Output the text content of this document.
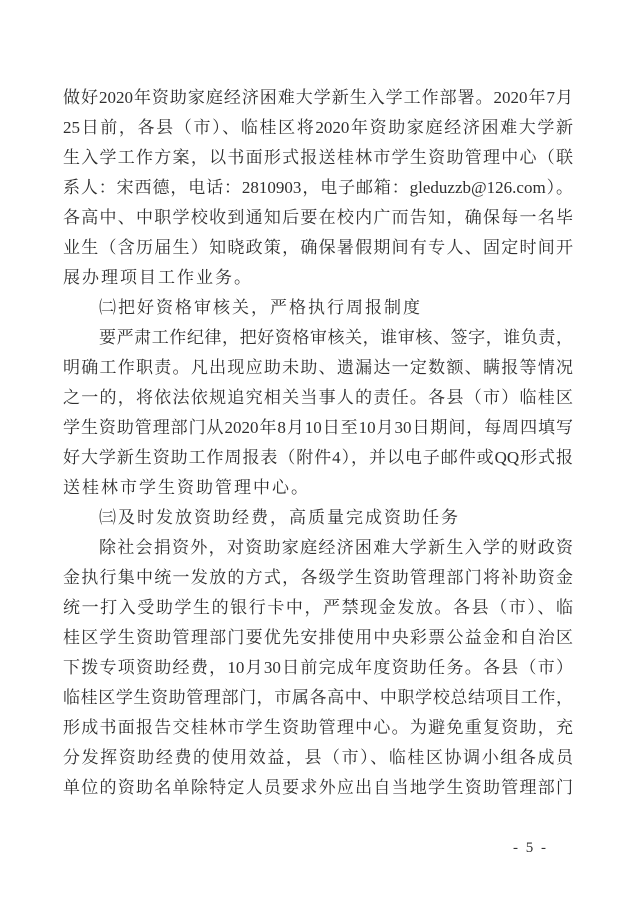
做好2020年资助家庭经济困难大学新生入学工作部署。2020年7月
25日前，各县（市）、临桂区将2020年资助家庭经济困难大学新
生入学工作方案，以书面形式报送桂林市学生资助管理中心（联
系人：宋西德，电话：2810903，电子邮箱：gleduzzb@126.com）。
各高中、中职学校收到通知后要在校内广而告知，确保每一名毕
业生（含历届生）知晓政策，确保暑假期间有专人、固定时间开
展办理项目工作业务。
㈡把好资格审核关，严格执行周报制度
要严肃工作纪律，把好资格审核关，谁审核、签字，谁负责，
明确工作职责。凡出现应助未助、遗漏达一定数额、瞒报等情况
之一的，将依法依规追究相关当事人的责任。各县（市）临桂区
学生资助管理部门从2020年8月10日至10月30日期间，每周四填写
好大学新生资助工作周报表（附件4），并以电子邮件或QQ形式报
送桂林市学生资助管理中心。
㈢及时发放资助经费，高质量完成资助任务
除社会捐资外，对资助家庭经济困难大学新生入学的财政资
金执行集中统一发放的方式，各级学生资助管理部门将补助资金
统一打入受助学生的银行卡中，严禁现金发放。各县（市）、临
桂区学生资助管理部门要优先安排使用中央彩票公益金和自治区
下拨专项资助经费，10月30日前完成年度资助任务。各县（市）
临桂区学生资助管理部门，市属各高中、中职学校总结项目工作，
形成书面报告交桂林市学生资助管理中心。为避免重复资助，充
分发挥资助经费的使用效益，县（市）、临桂区协调小组各成员
单位的资助名单除特定人员要求外应出自当地学生资助管理部门
- 5 -
